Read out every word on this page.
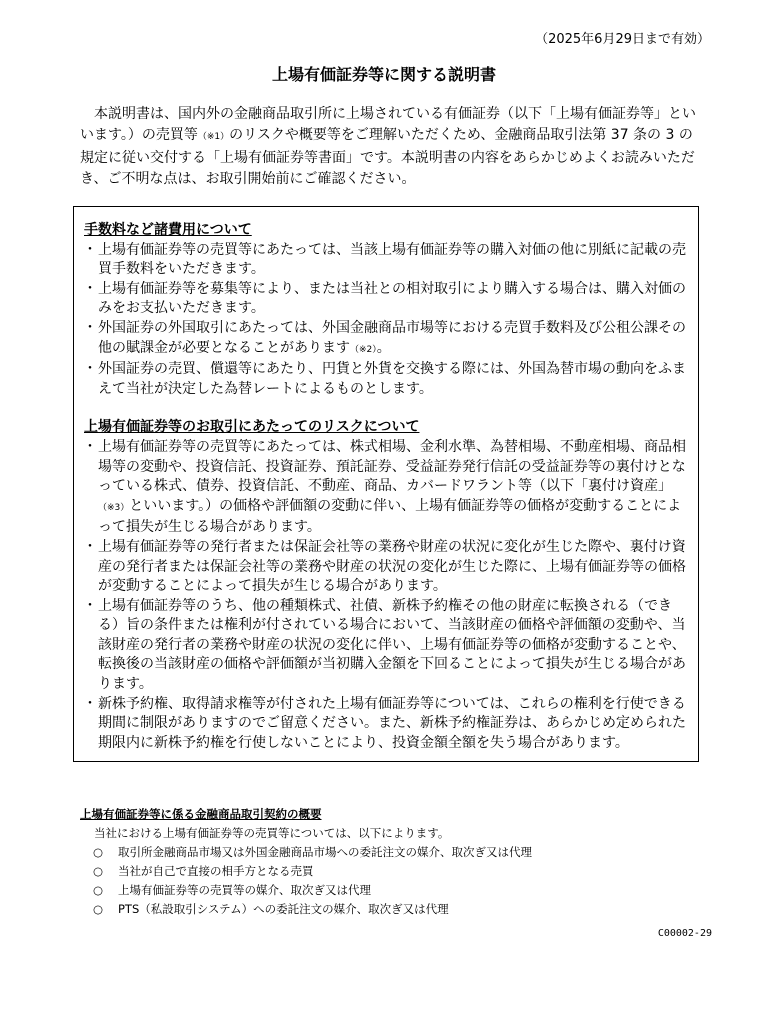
（2025年6月29日まで有効）
上場有価証券等に関する説明書

本説明書は、国内外の金融商品取引所に上場されている有価証券（以下「上場有価証券等」といいます。）の売買等（※1）のリスクや概要等をご理解いただくため、金融商品取引法第 37 条の 3 の規定に従い交付する「上場有価証券等書面」です。本説明書の内容をあらかじめよくお読みいただき、ご不明な点は、お取引開始前にご確認ください。

手数料など諸費用について
・ 上場有価証券等の売買等にあたっては、当該上場有価証券等の購入対価の他に別紙に記載の売買手数料をいただきます。
・ 上場有価証券等を募集等により、または当社との相対取引により購入する場合は、購入対価のみをお支払いただきます。
・ 外国証券の外国取引にあたっては、外国金融商品市場等における売買手数料及び公租公課その他の賦課金が必要となることがあります（※2）。
・ 外国証券の売買、償還等にあたり、円貨と外貨を交換する際には、外国為替市場の動向をふまえて当社が決定した為替レートによるものとします。
上場有価証券等のお取引にあたってのリスクについて
・ 上場有価証券等の売買等にあたっては、株式相場、金利水準、為替相場、不動産相場、商品相場等の変動や、投資信託、投資証券、預託証券、受益証券発行信託の受益証券等の裏付けとなっている株式、債券、投資信託、不動産、商品、カバードワラント等（以下「裏付け資産」（※3）といいます。）の価格や評価額の変動に伴い、上場有価証券等の価格が変動することによって損失が生じる場合があります。
・ 上場有価証券等の発行者または保証会社等の業務や財産の状況に変化が生じた際や、裏付け資産の発行者または保証会社等の業務や財産の状況の変化が生じた際に、上場有価証券等の価格が変動することによって損失が生じる場合があります。
・ 上場有価証券等のうち、他の種類株式、社債、新株予約権その他の財産に転換される（できる）旨の条件または権利が付されている場合において、当該財産の価格や評価額の変動や、当該財産の発行者の業務や財産の状況の変化に伴い、上場有価証券等の価格が変動することや、転換後の当該財産の価格や評価額が当初購入金額を下回ることによって損失が生じる場合があります。
・ 新株予約権、取得請求権等が付された上場有価証券等については、これらの権利を行使できる期間に制限がありますのでご留意ください。また、新株予約権証券は、あらかじめ定められた期限内に新株予約権を行使しないことにより、投資金額全額を失う場合があります。
上場有価証券等に係る金融商品取引契約の概要

当社における上場有価証券等の売買等については、以下によります。

○	取引所金融商品市場又は外国金融商品市場への委託注文の媒介、取次ぎ又は代理
○	当社が自己で直接の相手方となる売買
○	上場有価証券等の売買等の媒介、取次ぎ又は代理
○	PTS（私設取引システム）への委託注文の媒介、取次ぎ又は代理
C00002-29
